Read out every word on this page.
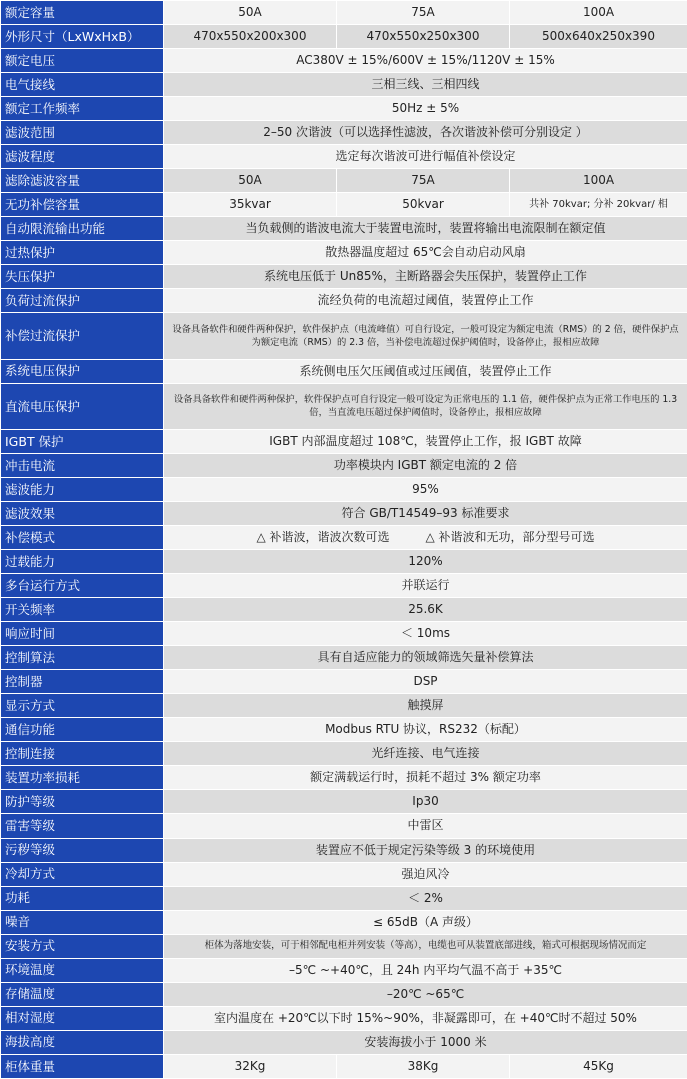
额定容量	50A	75A	100A
外形尺寸（LxWxHxB）	470x550x200x300	470x550x250x300	500x640x250x390
额定电压	AC380V ± 15%/600V ± 15%/1120V ± 15%		
电气接线	三相三线、三相四线		
额定工作频率	50Hz ± 5%		
滤波范围	2–50 次谐波（可以选择性滤波，各次谐波补偿可分别设定 ）		
滤波程度	选定每次谐波可进行幅值补偿设定		
滤除滤波容量	50A	75A	100A
无功补偿容量	35kvar	50kvar	共补 70kvar; 分补 20kvar/ 相
自动限流输出功能	当负载侧的谐波电流大于装置电流时，装置将输出电流限制在额定值		
过热保护	散热器温度超过 65℃会自动启动风扇		
失压保护	系统电压低于 Un85%，主断路器会失压保护，装置停止工作		
负荷过流保护	流经负荷的电流超过阈值，装置停止工作		
补偿过流保护	设备具备软件和硬件两种保护，软件保护点（电流峰值）可自行设定，一般可设定为额定电流（RMS）的 2 倍，硬件保护点为额定电流（RMS）的 2.3 倍，当补偿电流超过保护阈值时，设备停止，报相应故障		
系统电压保护	系统侧电压欠压阈值或过压阈值，装置停止工作		
直流电压保护	设备具备软件和硬件两种保护，软件保护点可自行设定一般可设定为正常电压的 1.1 倍，硬件保护点为正常工作电压的 1.3 倍，当直流电压超过保护阈值时，设备停止，报相应故障		
IGBT 保护	IGBT 内部温度超过 108℃，装置停止工作，报 IGBT 故障		
冲击电流	功率模块内 IGBT 额定电流的 2 倍		
滤波能力	95%		
滤波效果	符合 GB/T14549–93 标准要求		
补偿模式	△ 补谐波，谐波次数可选　　　△ 补谐波和无功，部分型号可选		
过载能力	120%		
多台运行方式	并联运行		
开关频率	25.6K		
响应时间	＜ 10ms		
控制算法	具有自适应能力的领域筛选矢量补偿算法		
控制器	DSP		
显示方式	触摸屏		
通信功能	Modbus RTU 协议，RS232（标配）		
控制连接	光纤连接、电气连接		
装置功率损耗	额定满载运行时，损耗不超过 3% 额定功率		
防护等级	Ip30		
雷害等级	中雷区		
污秽等级	装置应不低于规定污染等级 3 的环境使用		
冷却方式	强迫风冷		
功耗	＜ 2%		
噪音	≤ 65dB（A 声级）		
安装方式	柜体为落地安装，可于相邻配电柜并列安装（等高），电缆也可从装置底部进线，箱式可根据现场情况而定		
环境温度	–5℃ ~+40℃，且 24h 内平均气温不高于 +35℃		
存储温度	–20℃ ~65℃		
相对湿度	室内温度在 +20℃以下时 15%~90%，非凝露即可，在 +40℃时不超过 50%		
海拔高度	安装海拔小于 1000 米		
柜体重量	32Kg	38Kg	45Kg
